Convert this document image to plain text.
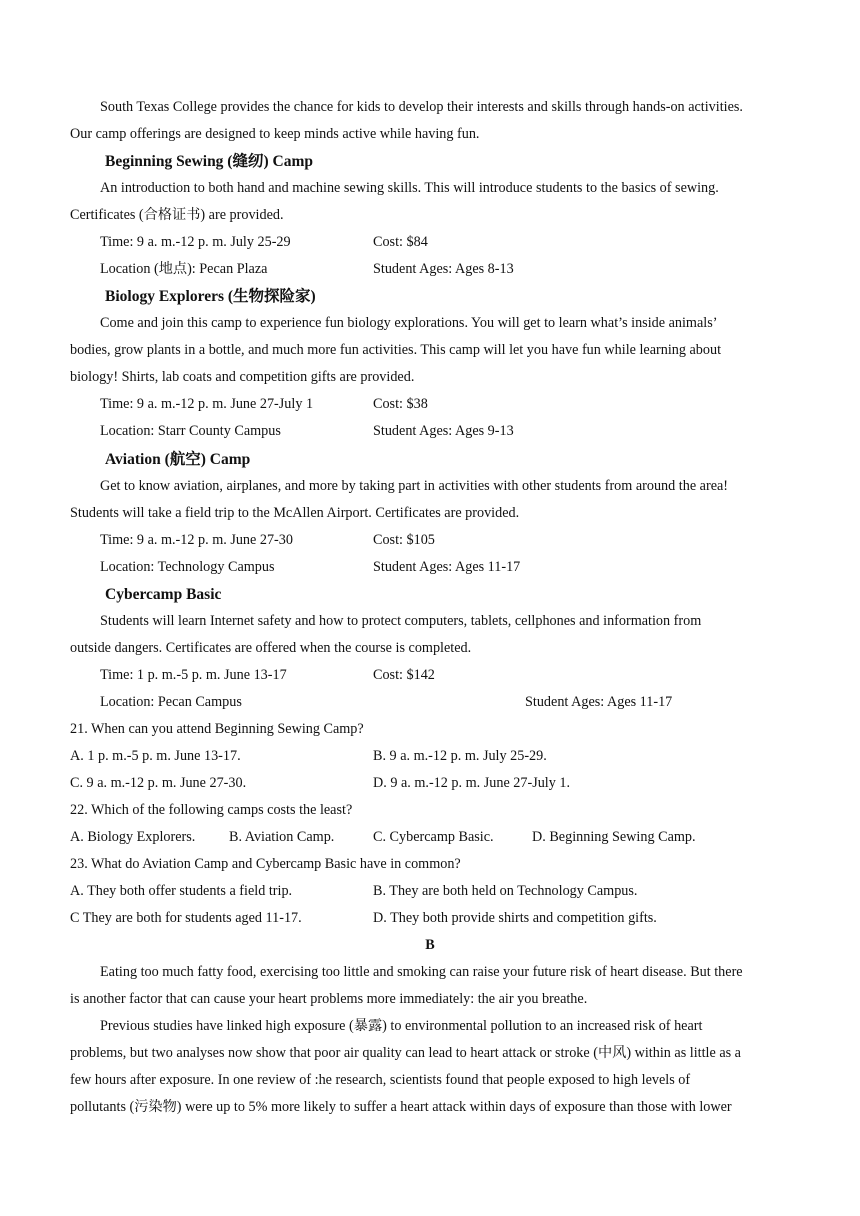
South Texas College provides the chance for kids to develop their interests and skills through hands-on activities.
Our camp offerings are designed to keep minds active while having fun.
Beginning Sewing (缝纫) Camp
An introduction to both hand and machine sewing skills. This will introduce students to the basics of sewing.
Certificates (合格证书) are provided.
Time: 9 a. m.-12 p. m. July 25-29	Cost: $84
Location (地点): Pecan Plaza	Student Ages: Ages 8-13
Biology Explorers (生物探险家)
Come and join this camp to experience fun biology explorations. You will get to learn what’s inside animals’
bodies, grow plants in a bottle, and much more fun activities. This camp will let you have fun while learning about
biology! Shirts, lab coats and competition gifts are provided.
Time: 9 a. m.-12 p. m. June 27-July 1	Cost: $38
Location: Starr County Campus	Student Ages: Ages 9-13
Aviation (航空) Camp
Get to know aviation, airplanes, and more by taking part in activities with other students from around the area!
Students will take a field trip to the McAllen Airport. Certificates are provided.
Time: 9 a. m.-12 p. m. June 27-30	Cost: $105
Location: Technology Campus	Student Ages: Ages 11-17
Cybercamp Basic
Students will learn Internet safety and how to protect computers, tablets, cellphones and information from
outside dangers. Certificates are offered when the course is completed.
Time: 1 p. m.-5 p. m. June 13-17	Cost: $142
Location: Pecan Campus	Student Ages: Ages 11-17
21. When can you attend Beginning Sewing Camp?
A. 1 p. m.-5 p. m. June 13-17.	B. 9 a. m.-12 p. m. July 25-29.
C. 9 a. m.-12 p. m. June 27-30.	D. 9 a. m.-12 p. m. June 27-July 1.
22. Which of the following camps costs the least?
A. Biology Explorers. B. Aviation Camp.	C. Cybercamp Basic.	D. Beginning Sewing Camp.
23. What do Aviation Camp and Cybercamp Basic have in common?
A. They both offer students a field trip.	B. They are both held on Technology Campus.
C They are both for students aged 11-17.	D. They both provide shirts and competition gifts.
B
Eating too much fatty food, exercising too little and smoking can raise your future risk of heart disease. But there
is another factor that can cause your heart problems more immediately: the air you breathe.
Previous studies have linked high exposure (暴露) to environmental pollution to an increased risk of heart
problems, but two analyses now show that poor air quality can lead to heart attack or stroke (中风) within as little as a
few hours after exposure. In one review of :he research, scientists found that people exposed to high levels of
pollutants (污染物) were up to 5% more likely to suffer a heart attack within days of exposure than those with lower
